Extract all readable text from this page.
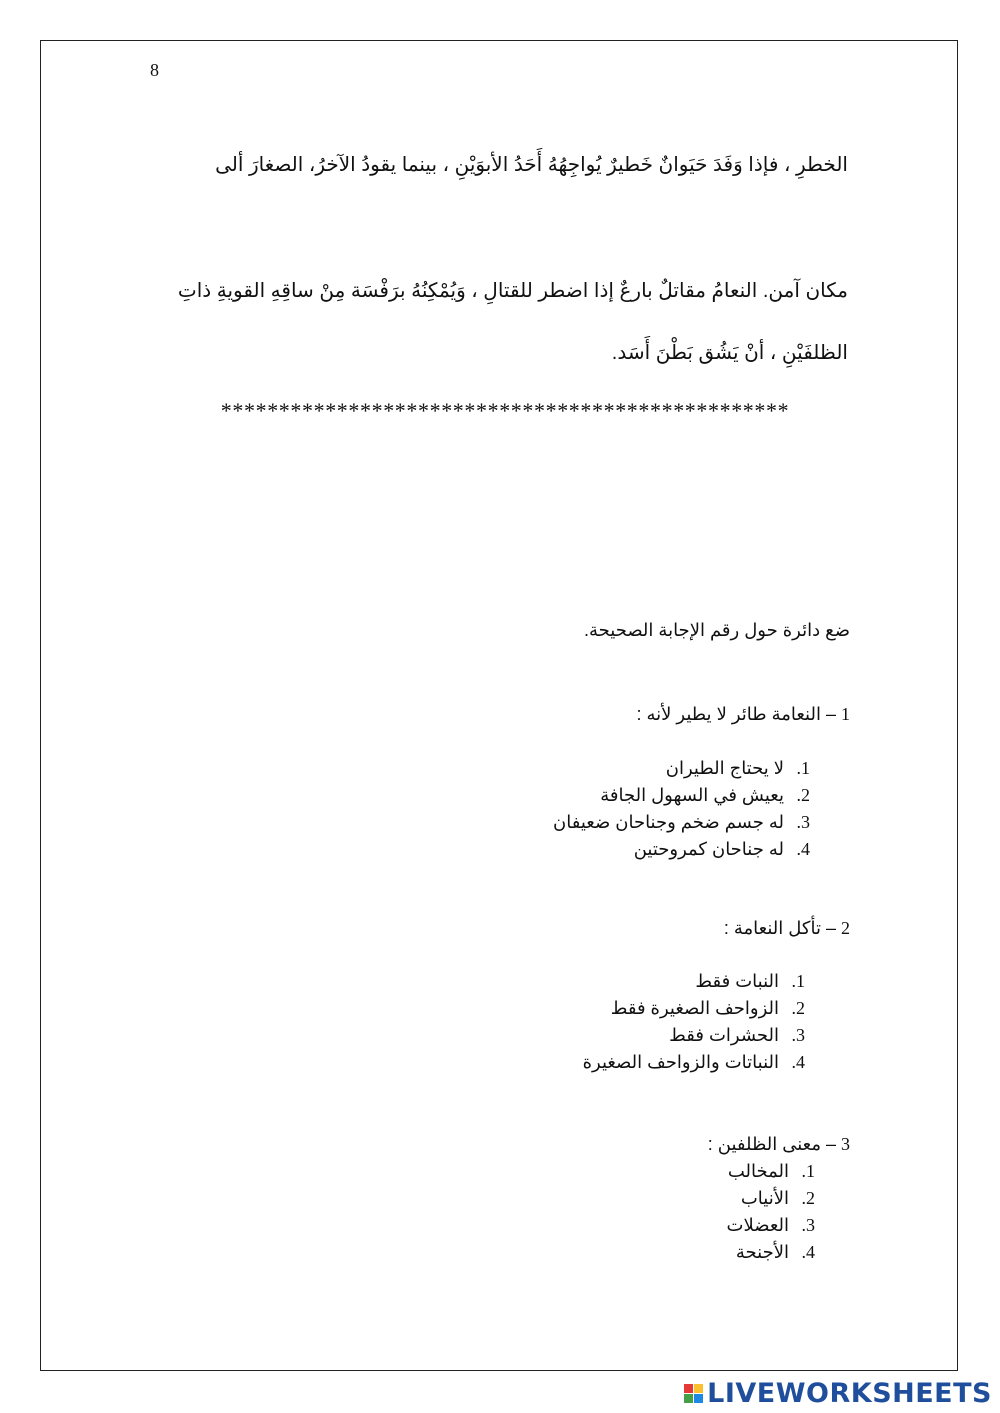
8
الخطرِ ، فإذا وَفَدَ حَيَوانٌ خَطيرٌ يُواجِهُهُ أَحَدُ الأبوَيْنِ ، بينما يقودُ الآخرُ، الصغارَ ألى
مكان آمن. النعامُ مقاتلٌ بارعٌ إذا اضطر للقتالِ ، وَيُمْكِنُهُ برَفْسَة مِنْ ساقِهِ القويةِ ذاتِ
الظلفَيْنِ ، أنْ يَشُق بَطْنَ أَسَد.
*************************************************
ضع دائرة حول رقم الإجابة الصحيحة.
1 – النعامة طائر لا يطير لأنه :
1.لا يحتاج الطيران
2.يعيش في السهول الجافة
3.له جسم ضخم وجناحان ضعيفان
4.له جناحان كمروحتين
2 – تأكل النعامة :
1.النبات فقط
2.الزواحف الصغيرة فقط
3.الحشرات فقط
4.النباتات والزواحف الصغيرة
3 – معنى الظلفين :
1.المخالب
2.الأنياب
3.العضلات
4.الأجنحة
LIVEWORKSHEETS
